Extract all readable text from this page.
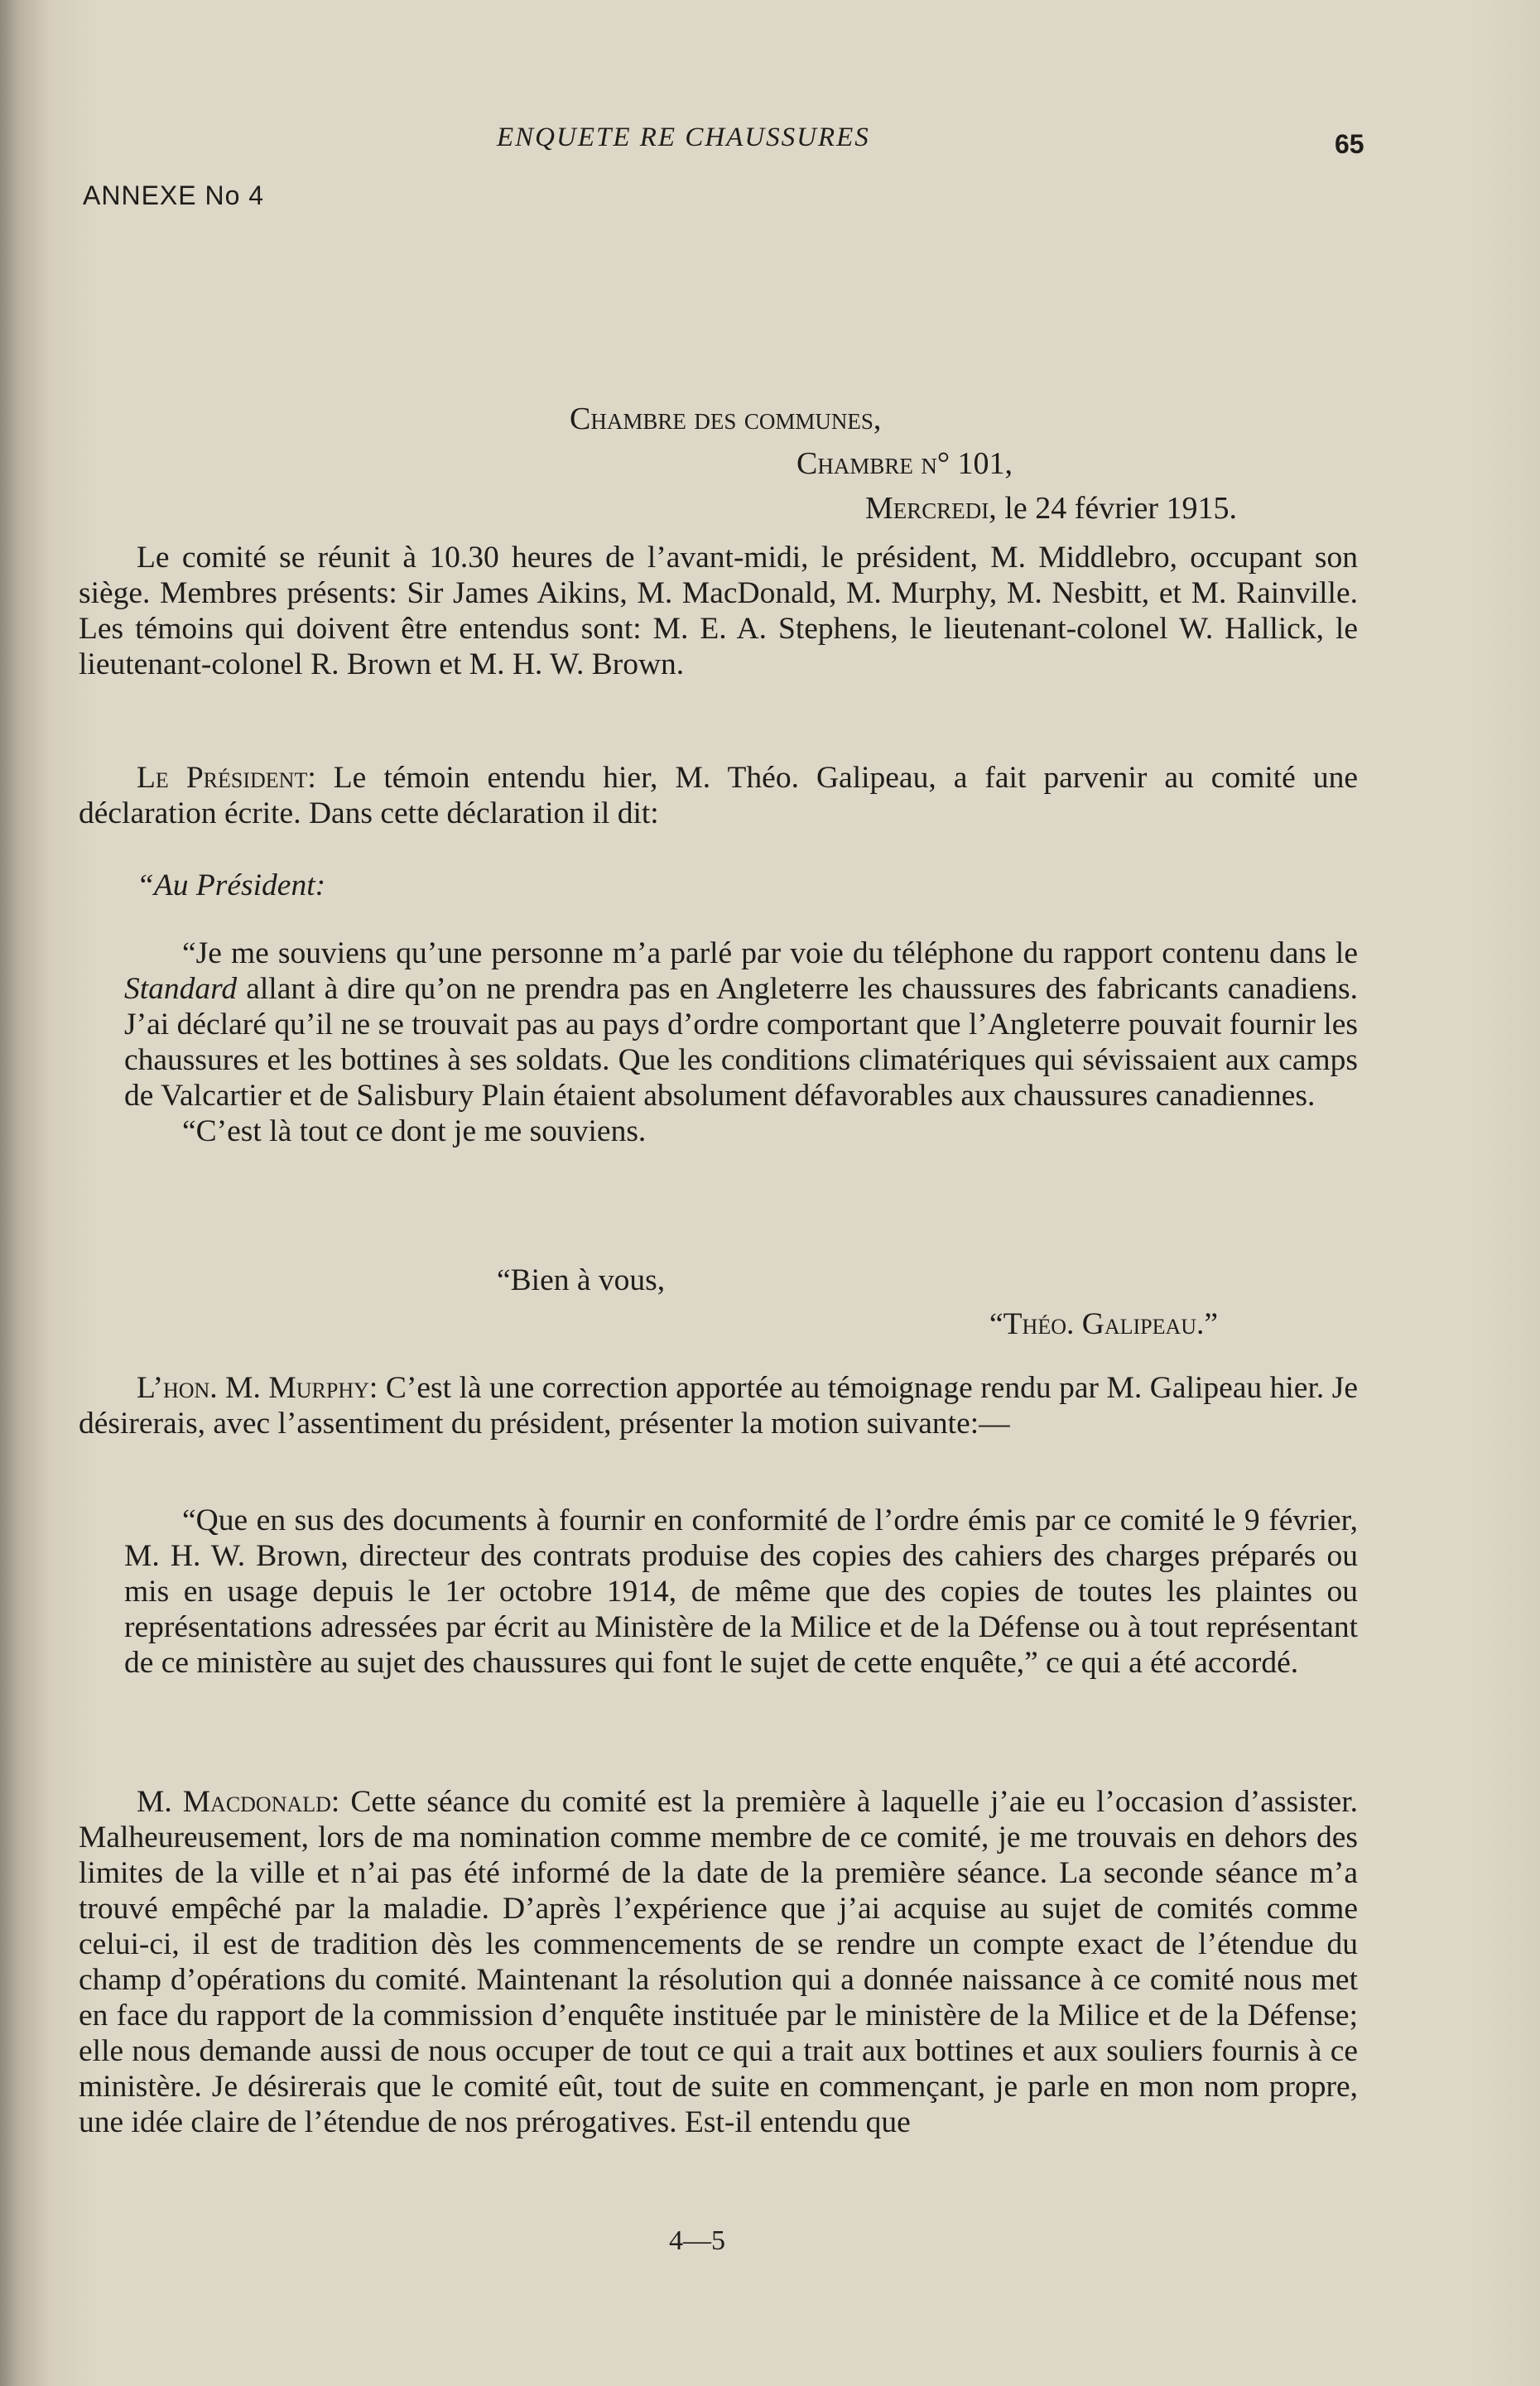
ENQUETE RE CHAUSSURES	65
ANNEXE No 4
Chambre des communes,
Chambre n° 101,
Mercredi, le 24 février 1915.

Le comité se réunit à 10.30 heures de l’avant-midi, le président, M. Middlebro, occupant son siège. Membres présents: Sir James Aikins, M. MacDonald, M. Murphy, M. Nesbitt, et M. Rainville. Les témoins qui doivent être entendus sont: M. E. A. Stephens, le lieutenant-colonel W. Hallick, le lieutenant-colonel R. Brown et M. H. W. Brown.

Le Président: Le témoin entendu hier, M. Théo. Galipeau, a fait parvenir au comité une déclaration écrite. Dans cette déclaration il dit:

“Au Président:

“Je me souviens qu’une personne m’a parlé par voie du téléphone du rapport contenu dans le Standard allant à dire qu’on ne prendra pas en Angleterre les chaussures des fabricants canadiens. J’ai déclaré qu’il ne se trouvait pas au pays d’ordre comportant que l’Angleterre pouvait fournir les chaussures et les bottines à ses soldats. Que les conditions climatériques qui sévissaient aux camps de Valcartier et de Salisbury Plain étaient absolument défavorables aux chaussures canadiennes.

“C’est là tout ce dont je me souviens.

“Bien à vous,
“Théo. Galipeau.”

L’hon. M. Murphy: C’est là une correction apportée au témoignage rendu par M. Galipeau hier. Je désirerais, avec l’assentiment du président, présenter la motion suivante:—

“Que en sus des documents à fournir en conformité de l’ordre émis par ce comité le 9 février, M. H. W. Brown, directeur des contrats produise des copies des cahiers des charges préparés ou mis en usage depuis le 1er octobre 1914, de même que des copies de toutes les plaintes ou représentations adressées par écrit au Ministère de la Milice et de la Défense ou à tout représentant de ce ministère au sujet des chaussures qui font le sujet de cette enquête,” ce qui a été accordé.

M. Macdonald: Cette séance du comité est la première à laquelle j’aie eu l’occasion d’assister. Malheureusement, lors de ma nomination comme membre de ce comité, je me trouvais en dehors des limites de la ville et n’ai pas été informé de la date de la première séance. La seconde séance m’a trouvé empêché par la maladie. D’après l’expérience que j’ai acquise au sujet de comités comme celui-ci, il est de tradition dès les commencements de se rendre un compte exact de l’étendue du champ d’opérations du comité. Maintenant la résolution qui a donnée naissance à ce comité nous met en face du rapport de la commission d’enquête instituée par le ministère de la Milice et de la Défense; elle nous demande aussi de nous occuper de tout ce qui a trait aux bottines et aux souliers fournis à ce ministère. Je désirerais que le comité eût, tout de suite en commençant, je parle en mon nom propre, une idée claire de l’étendue de nos prérogatives. Est-il entendu que

4—5
